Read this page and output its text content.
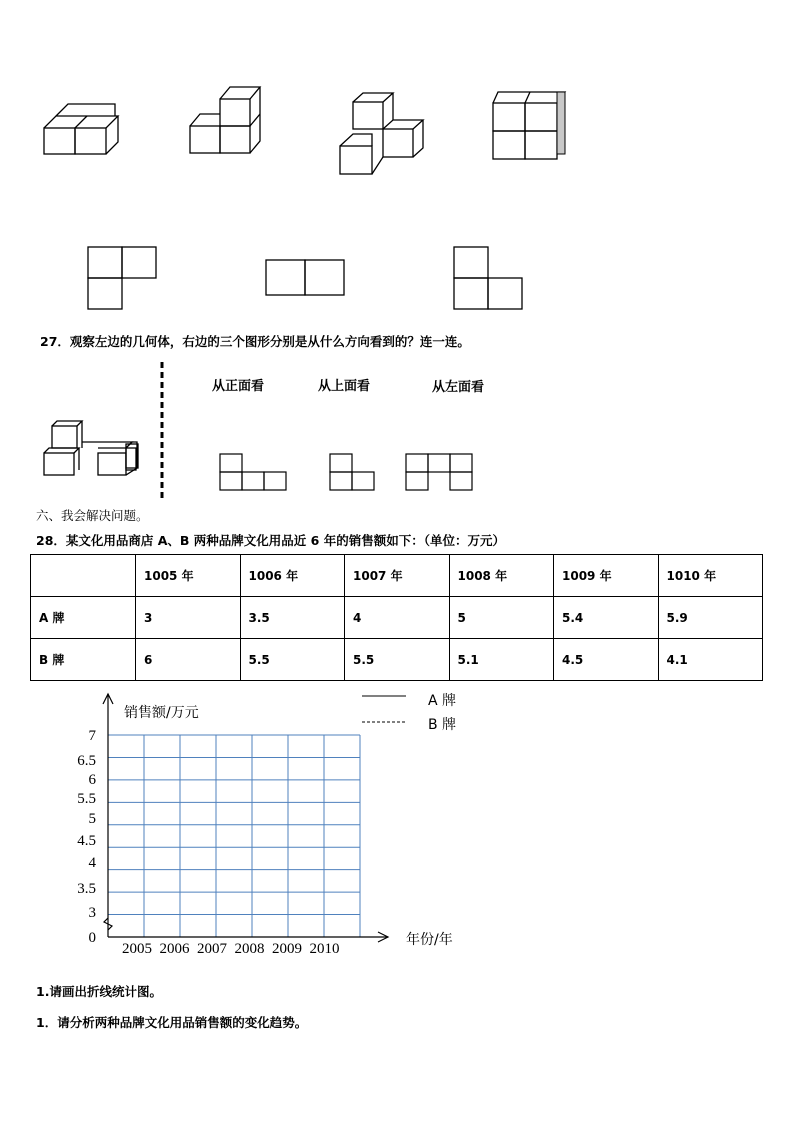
27．观察左边的几何体，右边的三个图形分别是从什么方向看到的？连一连。
从正面看	从上面看	从左面看
六、我会解决问题。
28．某文化用品商店 A、B 两种品牌文化用品近 6 年的销售额如下：（单位：万元）
	1005 年	1006 年	1007 年	1008 年	1009 年	1010 年
A 牌	3	3.5	4	5	5.4	5.9
B 牌	6	5.5	5.5	5.1	4.5	4.1
0
3
3.5
4
4.5
5
5.5
6
6.5
7
2005 2006 2007 2008 2009 2010
销售额/万元
年份/年
A 牌
B 牌
1.请画出折线统计图。
1．请分析两种品牌文化用品销售额的变化趋势。
